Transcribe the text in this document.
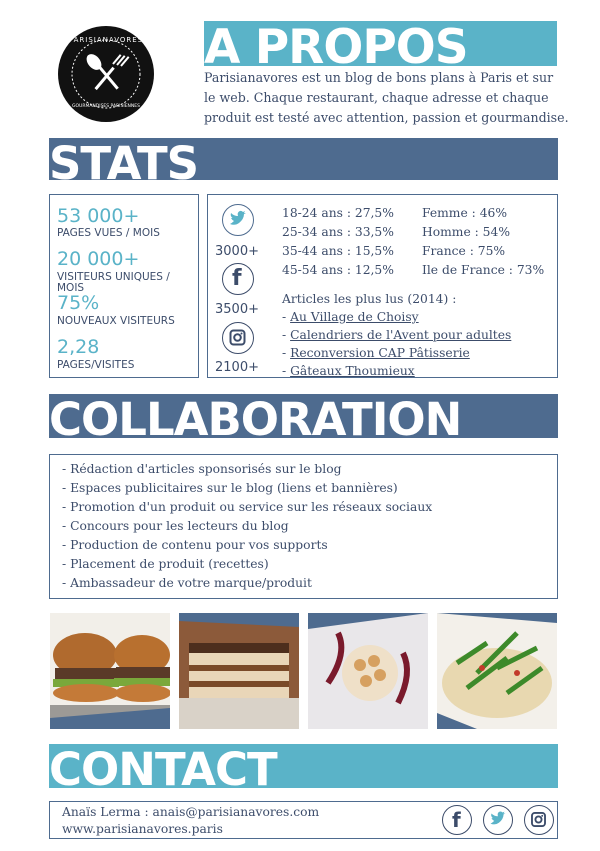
PARISIANAVORES
GOURMANDISES PARISIENNES
A PROPOS
Parisianavores est un blog de bons plans à Paris et sur
le web. Chaque restaurant, chaque adresse et chaque
produit est testé avec attention, passion et gourmandise.
STATS
53 000+
PAGES VUES / MOIS
20 000+
VISITEURS UNIQUES / MOIS
75%
NOUVEAUX VISITEURS
2,28
PAGES/VISITES
3000+
f
3500+
2100+
18-24 ans : 27,5%
25-34 ans : 33,5%
35-44 ans : 15,5%
45-54 ans : 12,5%
Femme : 46%
Homme : 54%
France : 75%
Ile de France : 73%
Articles les plus lus (2014) :
- Au Village de Choisy
- Calendriers de l'Avent pour adultes
- Reconversion CAP Pâtisserie
- Gâteaux Thoumieux
COLLABORATION
- Rédaction d'articles sponsorisés sur le blog
- Espaces publicitaires sur le blog (liens et bannières)
- Promotion d'un produit ou service sur les réseaux sociaux
- Concours pour les lecteurs du blog
- Production de contenu pour vos supports
- Placement de produit (recettes)
- Ambassadeur de votre marque/produit
CONTACT
Anaïs Lerma : anais@parisianavores.com
www.parisianavores.paris	f
